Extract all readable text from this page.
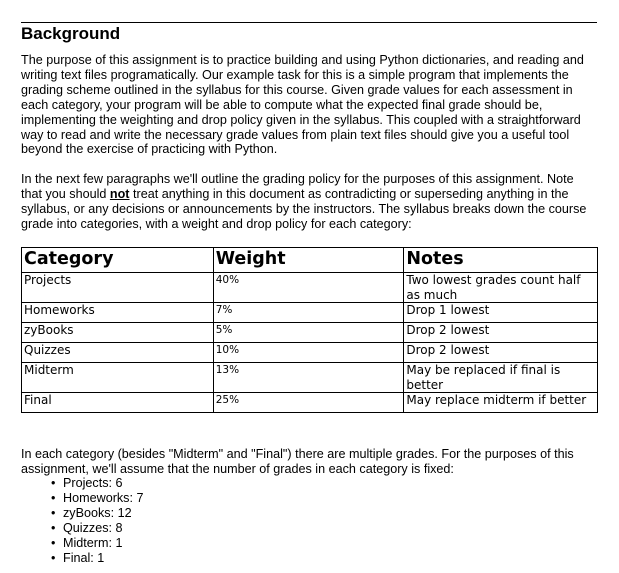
Background

The purpose of this assignment is to practice building and using Python dictionaries, and reading and writing text files programatically. Our example task for this is a simple program that implements the grading scheme outlined in the syllabus for this course. Given grade values for each assessment in each category, your program will be able to compute what the expected final grade should be, implementing the weighting and drop policy given in the syllabus. This coupled with a straightforward way to read and write the necessary grade values from plain text files should give you a useful tool beyond the exercise of practicing with Python.

In the next few paragraphs we'll outline the grading policy for the purposes of this assignment. Note that you should not treat anything in this document as contradicting or superseding anything in the syllabus, or any decisions or announcements by the instructors. The syllabus breaks down the course grade into categories, with a weight and drop policy for each category:

Category	Weight	Notes
Projects	40%	Two lowest grades count half as much
Homeworks	7%	Drop 1 lowest
zyBooks	5%	Drop 2 lowest
Quizzes	10%	Drop 2 lowest
Midterm	13%	May be replaced if final is better
Final	25%	May replace midterm if better

In each category (besides "Midterm" and "Final") there are multiple grades. For the purposes of this assignment, we'll assume that the number of grades in each category is fixed:

• Projects: 6
• Homeworks: 7
• zyBooks: 12
• Quizzes: 8
• Midterm: 1
• Final: 1
